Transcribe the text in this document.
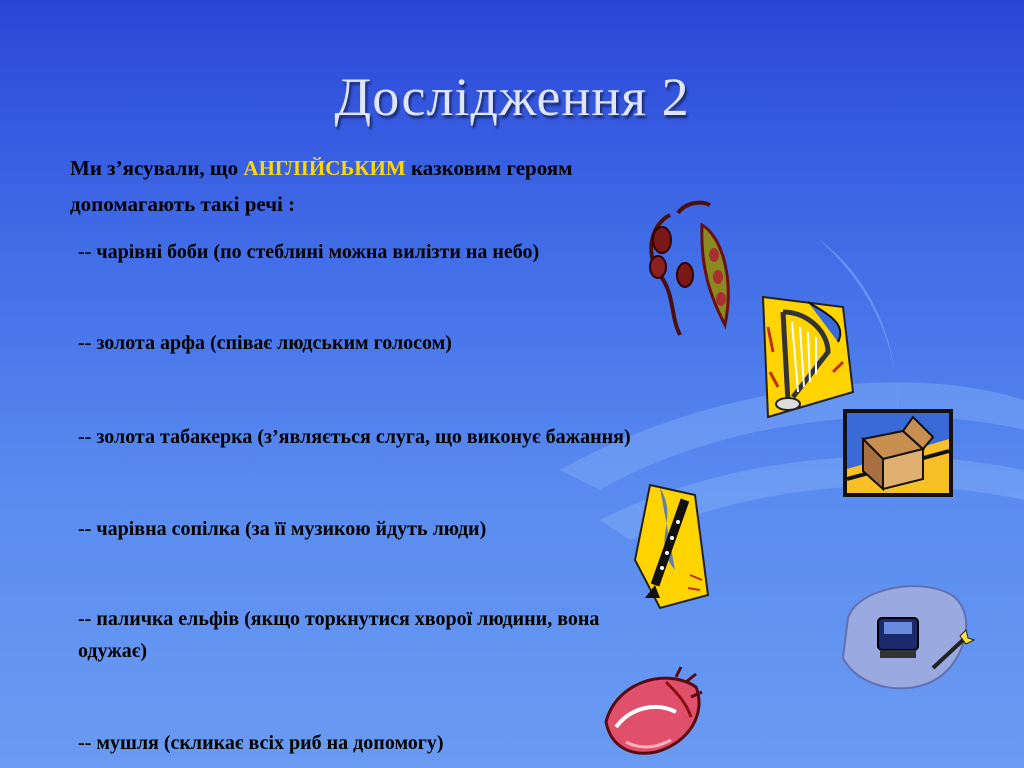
Дослідження 2
Ми з’ясували, що АНГЛІЙСЬКИМ казковим героям
допомагають такі речі :
-- чарівні боби (по стеблині можна вилізти на небо)
-- золота арфа (співає людським голосом)
-- золота табакерка (з’являється слуга, що виконує бажання)
-- чарівна сопілка (за її музикою йдуть люди)
-- паличка ельфів (якщо торкнутися хворої людини, вона
одужає)
-- мушля (скликає всіх риб на допомогу)
